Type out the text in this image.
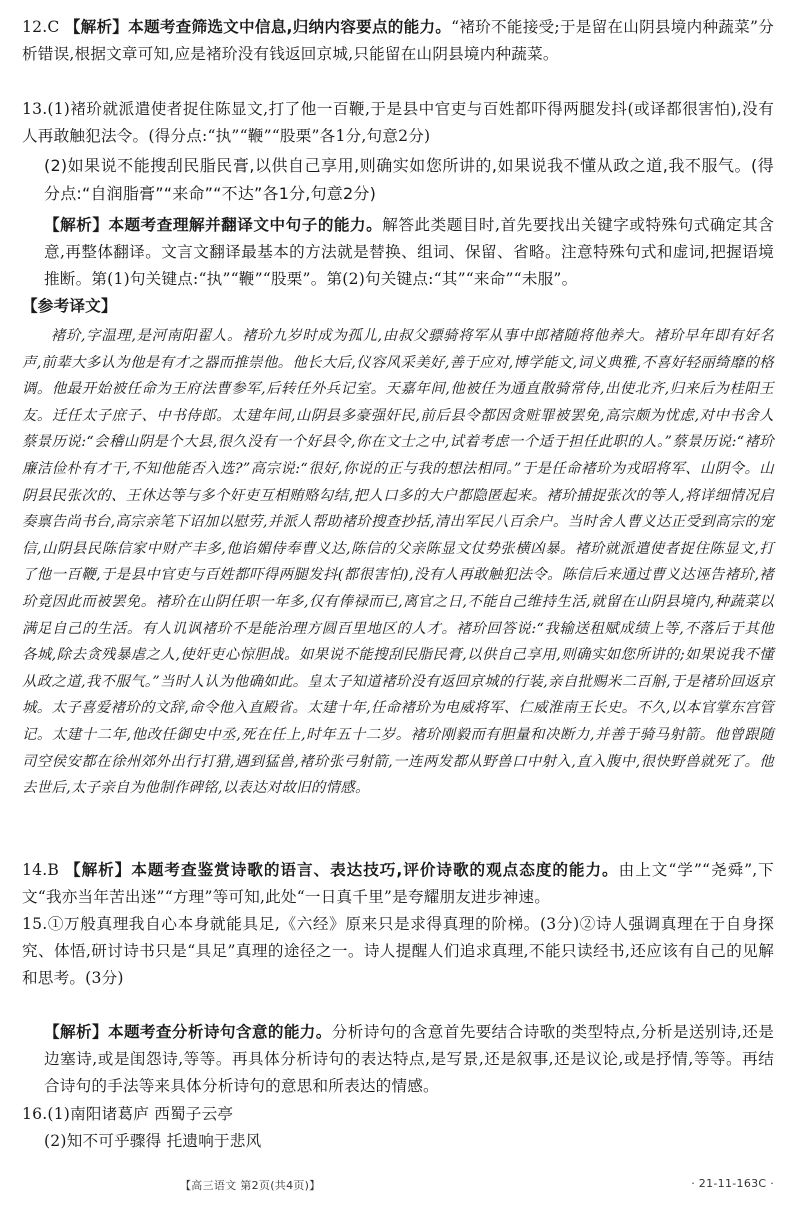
12.C 【解析】本题考查筛选文中信息,归纳内容要点的能力。“褚玠不能接受;于是留在山阴县境内种蔬菜”分析错误,根据文章可知,应是褚玠没有钱返回京城,只能留在山阴县境内种蔬菜。

13.(1)褚玠就派遣使者捉住陈显文,打了他一百鞭,于是县中官吏与百姓都吓得两腿发抖(或译都很害怕),没有人再敢触犯法令。(得分点:“执”“鞭”“股栗”各1分,句意2分)

(2)如果说不能搜刮民脂民膏,以供自己享用,则确实如您所讲的,如果说我不懂从政之道,我不服气。(得分点:“自润脂膏”“来命”“不达”各1分,句意2分)

【解析】本题考查理解并翻译文中句子的能力。解答此类题目时,首先要找出关键字或特殊句式确定其含意,再整体翻译。文言文翻译最基本的方法就是替换、组词、保留、省略。注意特殊句式和虚词,把握语境推断。第(1)句关键点:“执”“鞭”“股栗”。第(2)句关键点:“其”“来命”“未服”。

【参考译文】

褚玠,字温理,是河南阳翟人。褚玠九岁时成为孤儿,由叔父骠骑将军从事中郎褚随将他养大。褚玠早年即有好名声,前辈大多认为他是有才之器而推崇他。他长大后,仪容风采美好,善于应对,博学能文,词义典雅,不喜好轻丽绮靡的格调。他最开始被任命为王府法曹参军,后转任外兵记室。天嘉年间,他被任为通直散骑常侍,出使北齐,归来后为桂阳王友。迁任太子庶子、中书侍郎。太建年间,山阴县多豪强奸民,前后县令都因贪赃罪被罢免,高宗颇为忧虑,对中书舍人蔡景历说:“会稽山阴是个大县,很久没有一个好县令,你在文士之中,试着考虑一个适于担任此职的人。”蔡景历说:“褚玠廉洁俭朴有才干,不知他能否入选?”高宗说:“很好,你说的正与我的想法相同。”于是任命褚玠为戎昭将军、山阴令。山阴县民张次的、王休达等与多个奸吏互相贿赂勾结,把人口多的大户都隐匿起来。褚玠捕捉张次的等人,将详细情况启奏禀告尚书台,高宗亲笔下诏加以慰劳,并派人帮助褚玠搜查抄括,清出军民八百余户。当时舍人曹义达正受到高宗的宠信,山阴县民陈信家中财产丰多,他谄媚侍奉曹义达,陈信的父亲陈显文仗势张横凶暴。褚玠就派遣使者捉住陈显文,打了他一百鞭,于是县中官吏与百姓都吓得两腿发抖(都很害怕),没有人再敢触犯法令。陈信后来通过曹义达诬告褚玠,褚玠竟因此而被罢免。褚玠在山阴任职一年多,仅有俸禄而已,离官之日,不能自己维持生活,就留在山阴县境内,种蔬菜以满足自己的生活。有人讥讽褚玠不是能治理方圆百里地区的人才。褚玠回答说:“我输送租赋成绩上等,不落后于其他各城,除去贪残暴虐之人,使奸吏心惊胆战。如果说不能搜刮民脂民膏,以供自己享用,则确实如您所讲的;如果说我不懂从政之道,我不服气。”当时人认为他确如此。皇太子知道褚玠没有返回京城的行装,亲自批赐米二百斛,于是褚玠回返京城。太子喜爱褚玠的文辞,命令他入直殿省。太建十年,任命褚玠为电威将军、仁威淮南王长史。不久,以本官掌东宫管记。太建十二年,他改任御史中丞,死在任上,时年五十二岁。褚玠刚毅而有胆量和决断力,并善于骑马射箭。他曾跟随司空侯安都在徐州郊外出行打猎,遇到猛兽,褚玠张弓射箭,一连两发都从野兽口中射入,直入腹中,很快野兽就死了。他去世后,太子亲自为他制作碑铭,以表达对故旧的情感。

14.B 【解析】本题考查鉴赏诗歌的语言、表达技巧,评价诗歌的观点态度的能力。由上文“学”“尧舜”,下文“我亦当年苦出迷”“方理”等可知,此处“一日真千里”是夸耀朋友进步神速。

15.①万般真理我自心本身就能具足,《六经》原来只是求得真理的阶梯。(3分)②诗人强调真理在于自身探究、体悟,研讨诗书只是“具足”真理的途径之一。诗人提醒人们追求真理,不能只读经书,还应该有自己的见解和思考。(3分)

【解析】本题考查分析诗句含意的能力。分析诗句的含意首先要结合诗歌的类型特点,分析是送别诗,还是边塞诗,或是闺怨诗,等等。再具体分析诗句的表达特点,是写景,还是叙事,还是议论,或是抒情,等等。再结合诗句的手法等来具体分析诗句的意思和所表达的情感。

16.(1)南阳诸葛庐 西蜀子云亭

(2)知不可乎骤得 托遗响于悲风

【高三语文 第2页(共4页)】	· 21-11-163C ·
